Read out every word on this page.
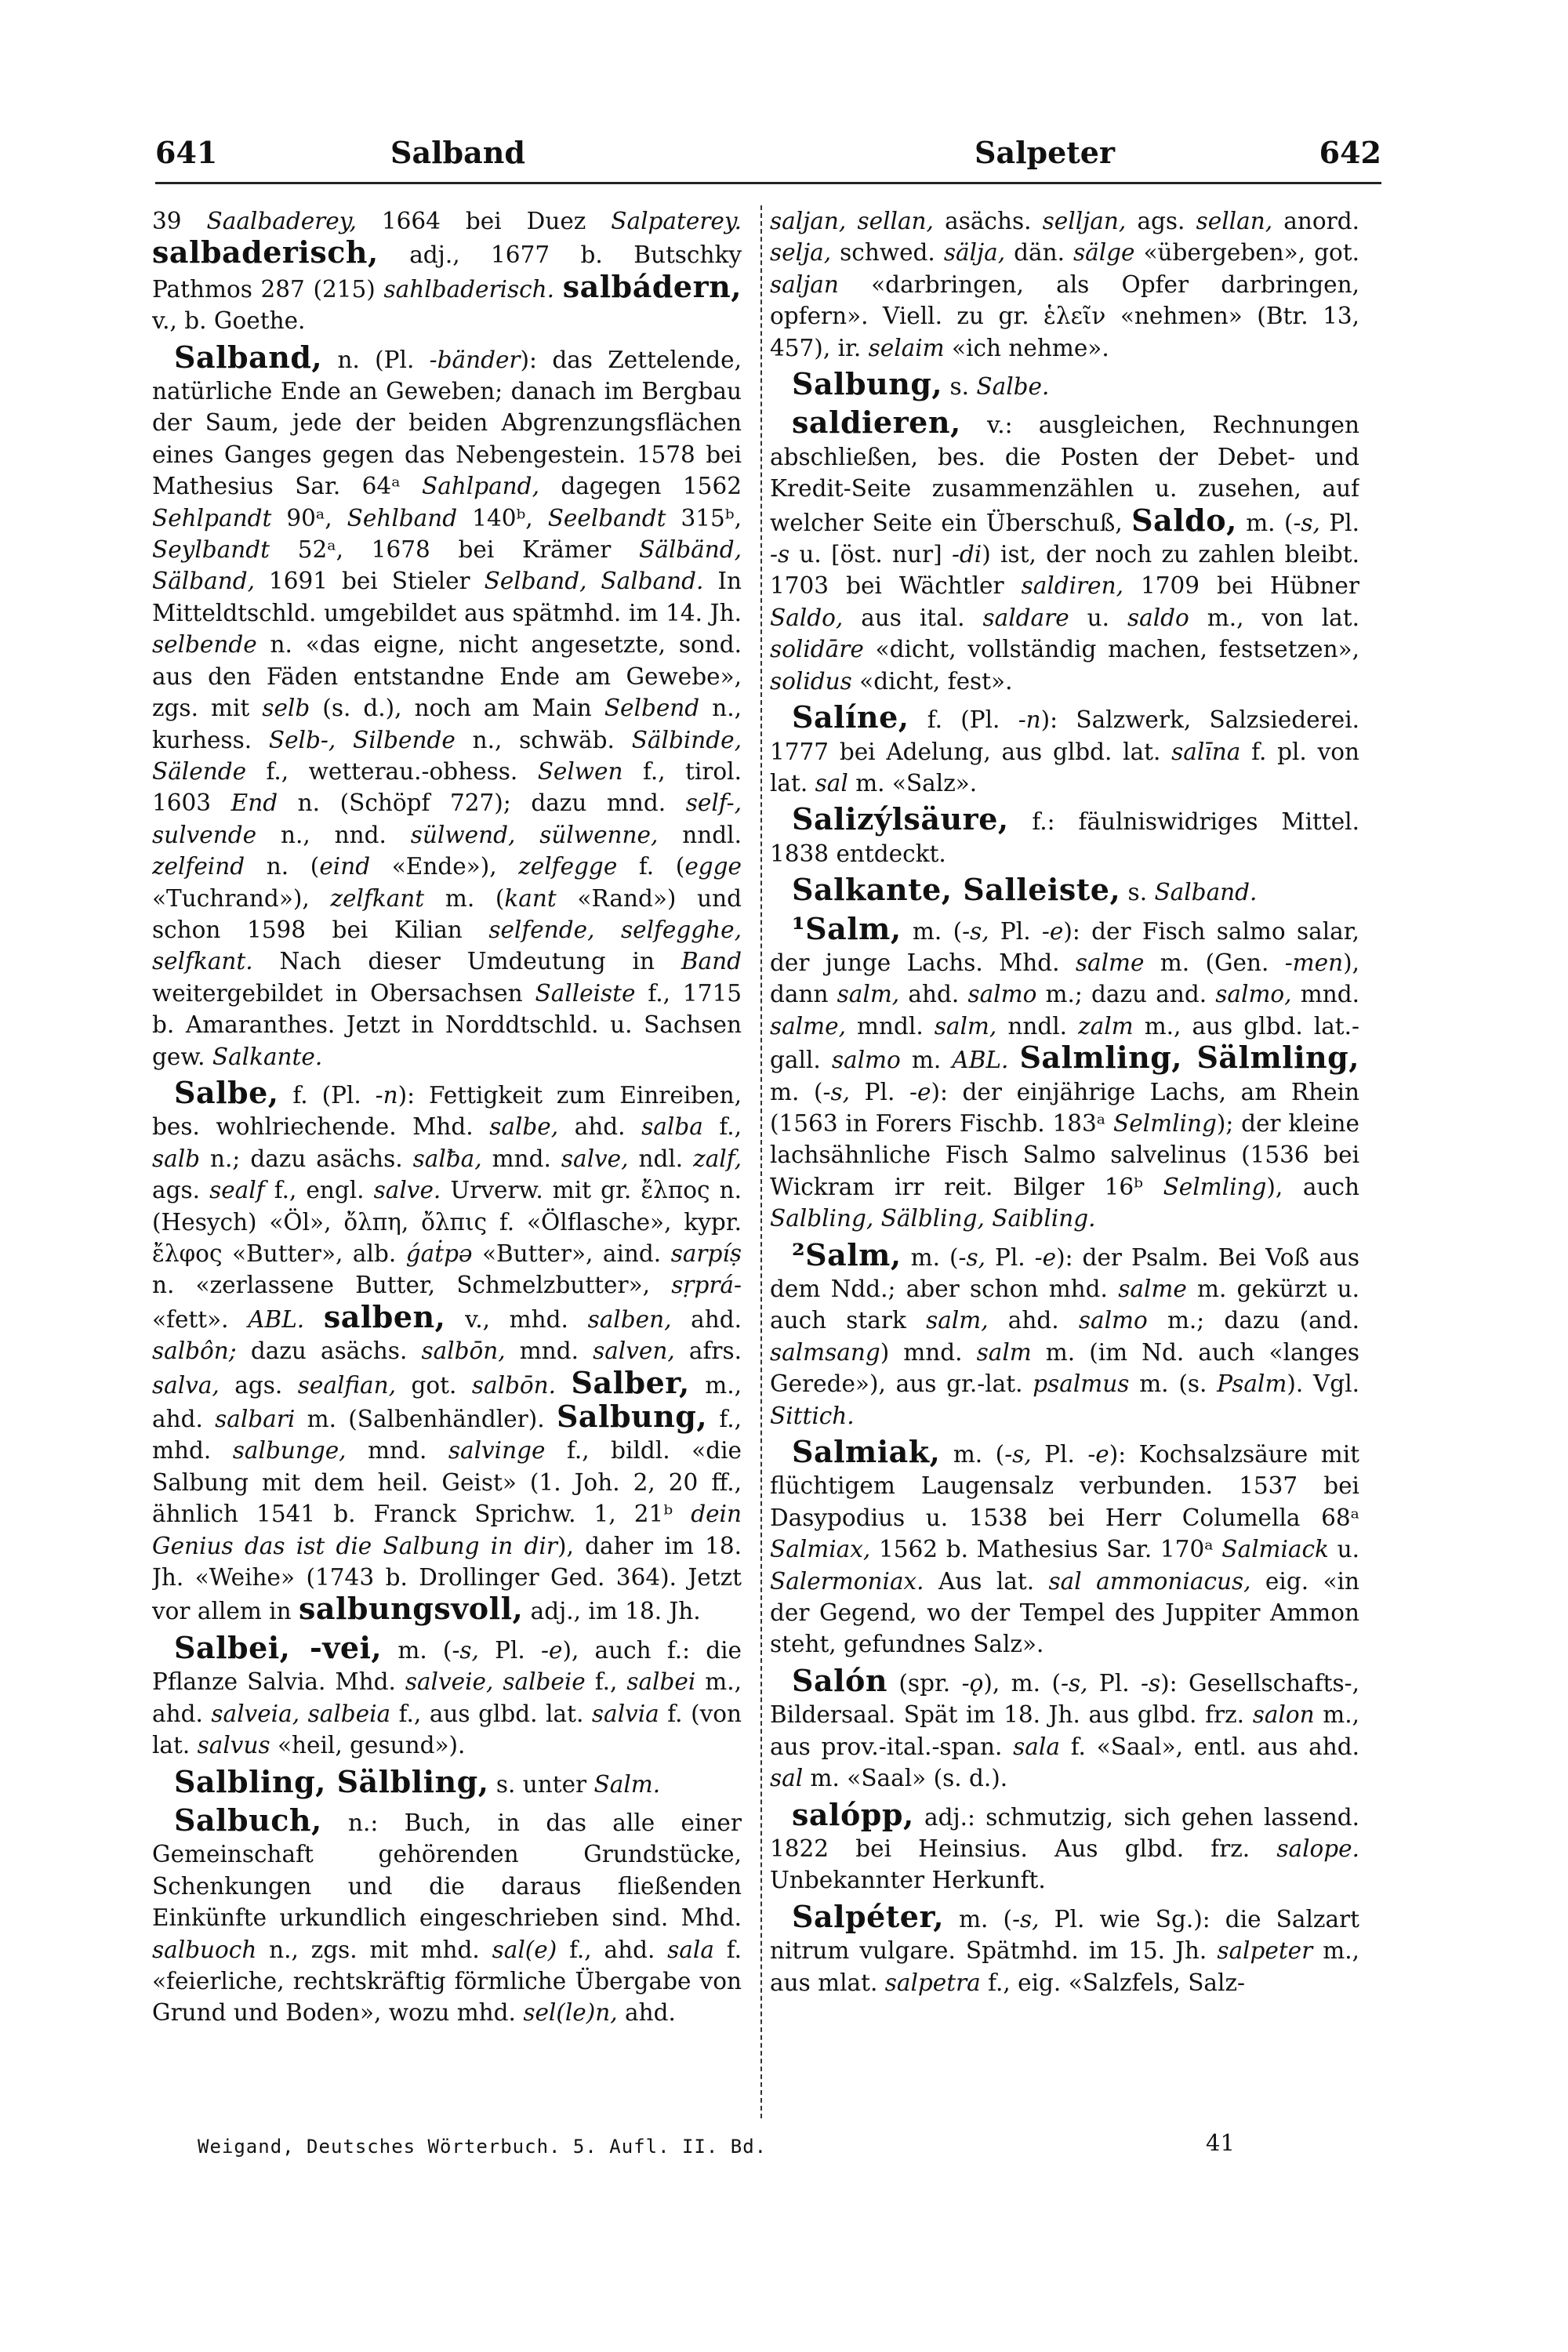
641	Salband	Salpeter	642

39 Saalbaderey, 1664 bei Duez Salpaterey. salbaderisch, adj., 1677 b. Butschky Pathmos 287 (215) sahlbaderisch. salbádern, v., b. Goethe.

Salband, n. (Pl. -bänder): das Zettelende, natürliche Ende an Geweben; danach im Bergbau der Saum, jede der beiden Abgrenzungsflächen eines Ganges gegen das Nebengestein. 1578 bei Mathesius Sar. 64ᵃ Sahlpand, dagegen 1562 Sehlpandt 90ᵃ, Sehlband 140ᵇ, Seelbandt 315ᵇ, Seylbandt 52ᵃ, 1678 bei Krämer Sälbänd, Sälband, 1691 bei Stieler Selband, Salband. In Mitteldtschld. umgebildet aus spätmhd. im 14. Jh. selbende n. «das eigne, nicht angesetzte, sond. aus den Fäden entstandne Ende am Gewebe», zgs. mit selb (s. d.), noch am Main Selbend n., kurhess. Selb-, Silbende n., schwäb. Sälbinde, Sälende f., wetterau.-obhess. Selwen f., tirol. 1603 End n. (Schöpf 727); dazu mnd. self-, sulvende n., nnd. sülwend, sülwenne, nndl. zelfeind n. (eind «Ende»), zelfegge f. (egge «Tuchrand»), zelfkant m. (kant «Rand») und schon 1598 bei Kilian selfende, selfegghe, selfkant. Nach dieser Umdeutung in Band weitergebildet in Obersachsen Salleiste f., 1715 b. Amaranthes. Jetzt in Norddtschld. u. Sachsen gew. Salkante.

Salbe, f. (Pl. -n): Fettigkeit zum Einreiben, bes. wohlriechende. Mhd. salbe, ahd. salba f., salb n.; dazu asächs. salƀa, mnd. salve, ndl. zalf, ags. sealf f., engl. salve. Urverw. mit gr. ἔλπος n. (Hesych) «Öl», ὄλπη, ὄλπις f. «Ölflasche», kypr. ἔλφος «Butter», alb. ǵaṫpə «Butter», aind. sarpíṣ n. «zerlassene Butter, Schmelzbutter», sṛprá- «fett». ABL. salben, v., mhd. salben, ahd. salbôn; dazu asächs. salbōn, mnd. salven, afrs. salva, ags. sealfian, got. salbōn. Salber, m., ahd. salbari m. (Salbenhändler). Salbung, f., mhd. salbunge, mnd. salvinge f., bildl. «die Salbung mit dem heil. Geist» (1. Joh. 2, 20 ff., ähnlich 1541 b. Franck Sprichw. 1, 21ᵇ dein Genius das ist die Salbung in dir), daher im 18. Jh. «Weihe» (1743 b. Drollinger Ged. 364). Jetzt vor allem in salbungsvoll, adj., im 18. Jh.

Salbei, -vei, m. (-s, Pl. -e), auch f.: die Pflanze Salvia. Mhd. salveie, salbeie f., salbei m., ahd. salveia, salbeia f., aus glbd. lat. salvia f. (von lat. salvus «heil, gesund»).

Salbling, Sälbling, s. unter Salm.

Salbuch, n.: Buch, in das alle einer Gemeinschaft gehörenden Grundstücke, Schenkungen und die daraus fließenden Einkünfte urkundlich eingeschrieben sind. Mhd. salbuoch n., zgs. mit mhd. sal(e) f., ahd. sala f. «feierliche, rechtskräftig förmliche Übergabe von Grund und Boden», wozu mhd. sel(le)n, ahd.

saljan, sellan, asächs. selljan, ags. sellan, anord. selja, schwed. sälja, dän. sälge «übergeben», got. saljan «darbringen, als Opfer darbringen, opfern». Viell. zu gr. ἑλεῖν «nehmen» (Btr. 13, 457), ir. selaim «ich nehme».

Salbung, s. Salbe.

saldieren, v.: ausgleichen, Rechnungen abschließen, bes. die Posten der Debet- und Kredit-Seite zusammenzählen u. zusehen, auf welcher Seite ein Überschuß, Saldo, m. (-s, Pl. -s u. [öst. nur] -di) ist, der noch zu zahlen bleibt. 1703 bei Wächtler saldiren, 1709 bei Hübner Saldo, aus ital. saldare u. saldo m., von lat. solidāre «dicht, vollständig machen, festsetzen», solidus «dicht, fest».

Salíne, f. (Pl. -n): Salzwerk, Salzsiederei. 1777 bei Adelung, aus glbd. lat. salīna f. pl. von lat. sal m. «Salz».

Salizýlsäure, f.: fäulniswidriges Mittel. 1838 entdeckt.

Salkante, Salleiste, s. Salband.

¹Salm, m. (-s, Pl. -e): der Fisch salmo salar, der junge Lachs. Mhd. salme m. (Gen. -men), dann salm, ahd. salmo m.; dazu and. salmo, mnd. salme, mndl. salm, nndl. zalm m., aus glbd. lat.-gall. salmo m. ABL. Salmling, Sälmling, m. (-s, Pl. -e): der einjährige Lachs, am Rhein (1563 in Forers Fischb. 183ᵃ Selmling); der kleine lachsähnliche Fisch Salmo salvelinus (1536 bei Wickram irr reit. Bilger 16ᵇ Selmling), auch Salbling, Sälbling, Saibling.

²Salm, m. (-s, Pl. -e): der Psalm. Bei Voß aus dem Ndd.; aber schon mhd. salme m. gekürzt u. auch stark salm, ahd. salmo m.; dazu (and. salmsang) mnd. salm m. (im Nd. auch «langes Gerede»), aus gr.-lat. psalmus m. (s. Psalm). Vgl. Sittich.

Salmiak, m. (-s, Pl. -e): Kochsalzsäure mit flüchtigem Laugensalz verbunden. 1537 bei Dasypodius u. 1538 bei Herr Columella 68ᵃ Salmiax, 1562 b. Mathesius Sar. 170ᵃ Salmiack u. Salermoniax. Aus lat. sal ammoniacus, eig. «in der Gegend, wo der Tempel des Juppiter Ammon steht, gefundnes Salz».

Salón (spr. -ǫ), m. (-s, Pl. -s): Gesellschafts-, Bildersaal. Spät im 18. Jh. aus glbd. frz. salon m., aus prov.-ital.-span. sala f. «Saal», entl. aus ahd. sal m. «Saal» (s. d.).

salópp, adj.: schmutzig, sich gehen lassend. 1822 bei Heinsius. Aus glbd. frz. salope. Unbekannter Herkunft.

Salpéter, m. (-s, Pl. wie Sg.): die Salzart nitrum vulgare. Spätmhd. im 15. Jh. salpeter m., aus mlat. salpetra f., eig. «Salzfels, Salz-

Weigand, Deutsches Wörterbuch. 5. Aufl. II. Bd.	41
